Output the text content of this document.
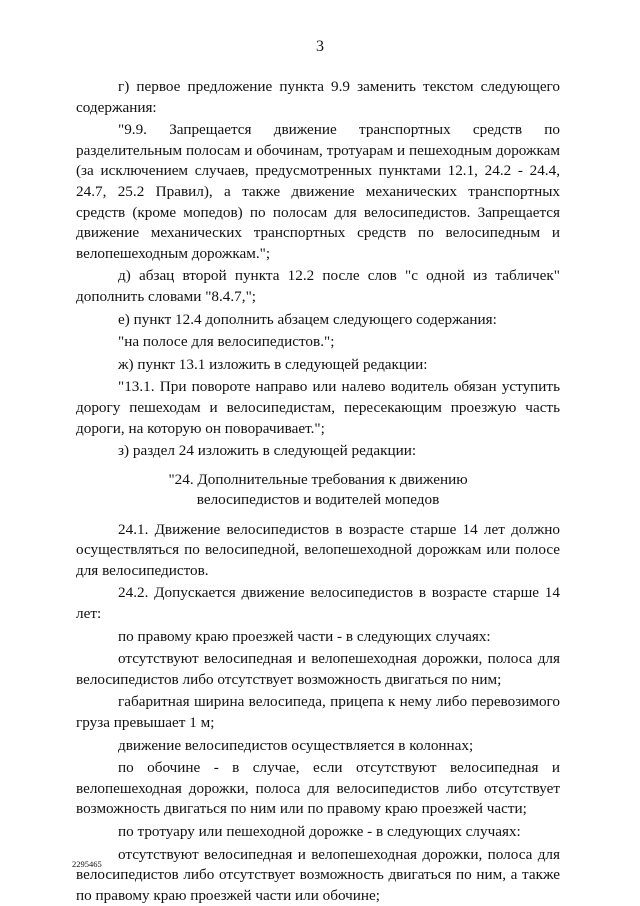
3

г) первое предложение пункта 9.9 заменить текстом следующего содержания:

"9.9. Запрещается движение транспортных средств по разделительным полосам и обочинам, тротуарам и пешеходным дорожкам (за исключением случаев, предусмотренных пунктами 12.1, 24.2 - 24.4, 24.7, 25.2 Правил), а также движение механических транспортных средств (кроме мопедов) по полосам для велосипедистов. Запрещается движение механических транспортных средств по велосипедным и велопешеходным дорожкам.";

д) абзац второй пункта 12.2 после слов "с одной из табличек" дополнить словами "8.4.7,";

е) пункт 12.4 дополнить абзацем следующего содержания:

"на полосе для велосипедистов.";

ж) пункт 13.1 изложить в следующей редакции:

"13.1. При повороте направо или налево водитель обязан уступить дорогу пешеходам и велосипедистам, пересекающим проезжую часть дороги, на которую он поворачивает.";

з) раздел 24 изложить в следующей редакции:

"24. Дополнительные требования к движению
велосипедистов и водителей мопедов

24.1. Движение велосипедистов в возрасте старше 14 лет должно осуществляться по велосипедной, велопешеходной дорожкам или полосе для велосипедистов.

24.2. Допускается движение велосипедистов в возрасте старше 14 лет:

по правому краю проезжей части - в следующих случаях:

отсутствуют велосипедная и велопешеходная дорожки, полоса для велосипедистов либо отсутствует возможность двигаться по ним;

габаритная ширина велосипеда, прицепа к нему либо перевозимого груза превышает 1 м;

движение велосипедистов осуществляется в колоннах;

по обочине - в случае, если отсутствуют велосипедная и велопешеходная дорожки, полоса для велосипедистов либо отсутствует возможность двигаться по ним или по правому краю проезжей части;

по тротуару или пешеходной дорожке - в следующих случаях:

отсутствуют велосипедная и велопешеходная дорожки, полоса для велосипедистов либо отсутствует возможность двигаться по ним, а также по правому краю проезжей части или обочине;

2295465
